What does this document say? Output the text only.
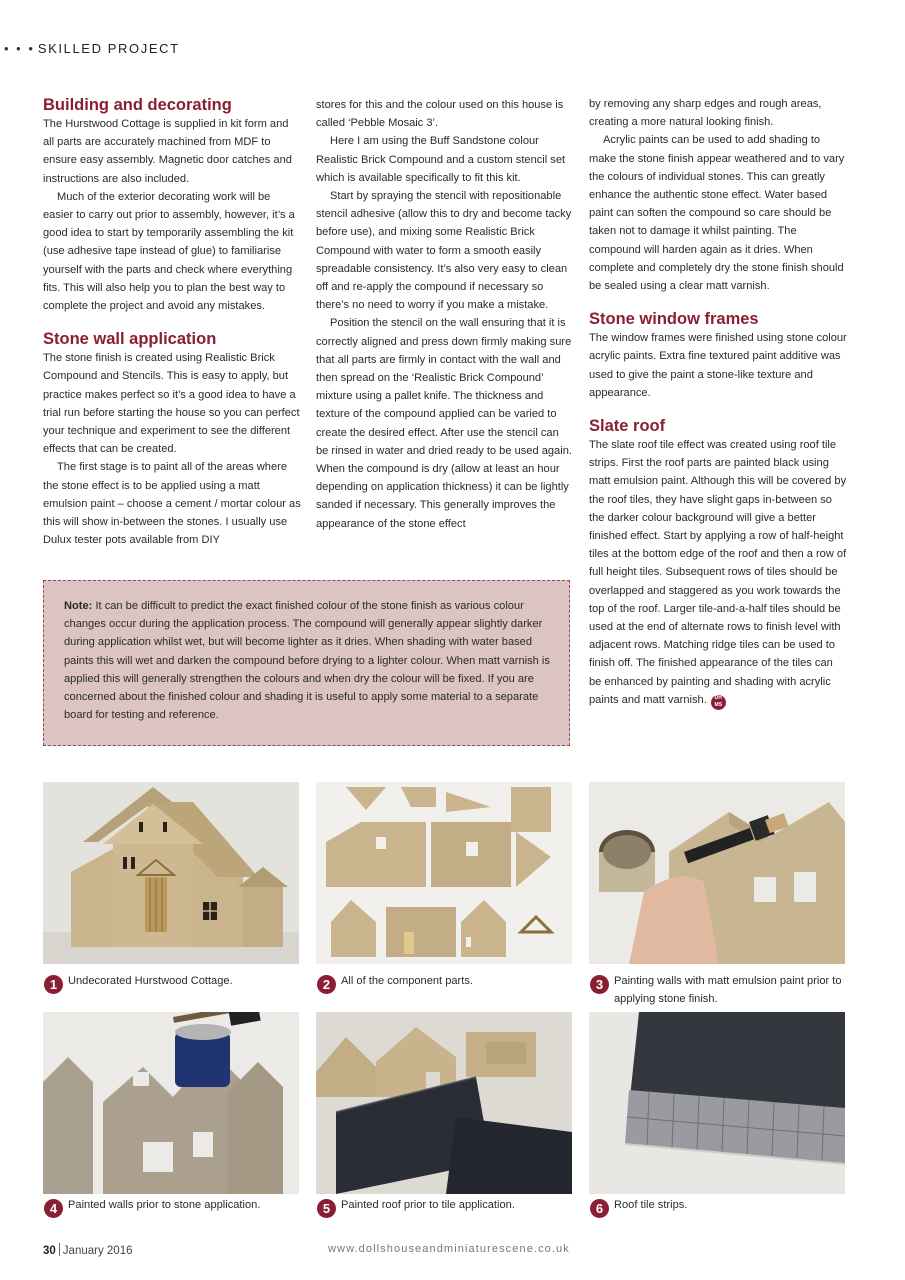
• • • SKILLED PROJECT
Building and decorating

The Hurstwood Cottage is supplied in kit form and all parts are accurately machined from MDF to ensure easy assembly. Magnetic door catches and instructions are also included.

Much of the exterior decorating work will be easier to carry out prior to assembly, however, it’s a good idea to start by temporarily assembling the kit (use adhesive tape instead of glue) to familiarise yourself with the parts and check where everything fits. This will also help you to plan the best way to complete the project and avoid any mistakes.

Stone wall application

The stone finish is created using Realistic Brick Compound and Stencils. This is easy to apply, but practice makes perfect so it’s a good idea to have a trial run before starting the house so you can perfect your technique and experiment to see the different effects that can be created.

The first stage is to paint all of the areas where the stone effect is to be applied using a matt emulsion paint – choose a cement / mortar colour as this will show in-between the stones. I usually use Dulux tester pots available from DIY

stores for this and the colour used on this house is called ‘Pebble Mosaic 3’.

Here I am using the Buff Sandstone colour Realistic Brick Compound and a custom stencil set which is available specifically to fit this kit.

Start by spraying the stencil with repositionable stencil adhesive (allow this to dry and become tacky before use), and mixing some Realistic Brick Compound with water to form a smooth easily spreadable consistency. It’s also very easy to clean off and re-apply the compound if necessary so there’s no need to worry if you make a mistake.

Position the stencil on the wall ensuring that it is correctly aligned and press down firmly making sure that all parts are firmly in contact with the wall and then spread on the ‘Realistic Brick Compound’ mixture using a pallet knife. The thickness and texture of the compound applied can be varied to create the desired effect. After use the stencil can be rinsed in water and dried ready to be used again. When the compound is dry (allow at least an hour depending on application thickness) it can be lightly sanded if necessary. This generally improves the appearance of the stone effect

by removing any sharp edges and rough areas, creating a more natural looking finish.

Acrylic paints can be used to add shading to make the stone finish appear weathered and to vary the colours of individual stones. This can greatly enhance the authentic stone effect. Water based paint can soften the compound so care should be taken not to damage it whilst painting. The compound will harden again as it dries. When complete and completely dry the stone finish should be sealed using a clear matt varnish.

Stone window frames

The window frames were finished using stone colour acrylic paints. Extra fine textured paint additive was used to give the paint a stone-like texture and appearance.

Slate roof

The slate roof tile effect was created using roof tile strips. First the roof parts are painted black using matt emulsion paint. Although this will be covered by the roof tiles, they have slight gaps in-between so the darker colour background will give a better finished effect. Start by applying a row of half-height tiles at the bottom edge of the roof and then a row of full height tiles. Subsequent rows of tiles should be overlapped and staggered as you work towards the top of the roof. Larger tile-and-a-half tiles should be used at the end of alternate rows to finish level with adjacent rows. Matching ridge tiles can be used to finish off. The finished appearance of the tiles can be enhanced by painting and shading with acrylic paints and matt varnish. DH
MS

Note: It can be difficult to predict the exact finished colour of the stone finish as various colour changes occur during the application process. The compound will generally appear slightly darker during application whilst wet, but will become lighter as it dries. When shading with water based paints this will wet and darken the compound before drying to a lighter colour. When matt varnish is applied this will generally strengthen the colours and when dry the colour will be fixed. If you are concerned about the finished colour and shading it is useful to apply some material to a separate board for testing and reference.
1 Undecorated Hurstwood Cottage.	2 All of the component parts.	3 Painting walls with matt emulsion paint prior to applying stone finish.
4 Painted walls prior to stone application.	5 Painted roof prior to tile application.	6 Roof tile strips.
30 January 2016	www.dollshouseandminiaturescene.co.uk
